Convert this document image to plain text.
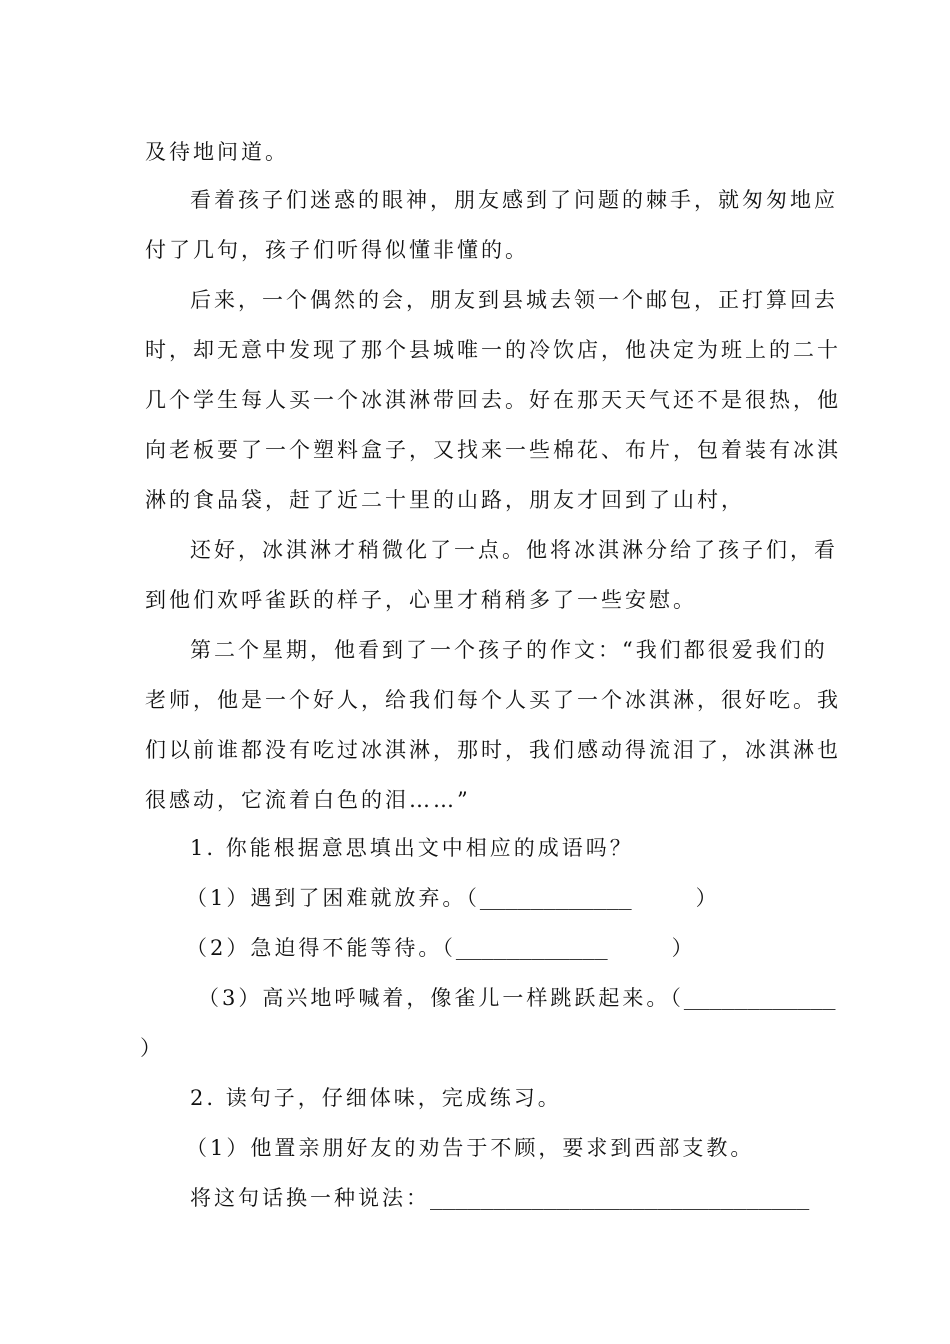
及待地问道。
看着孩子们迷惑的眼神，朋友感到了问题的棘手，就匆匆地应
付了几句，孩子们听得似懂非懂的。
后来，一个偶然的会，朋友到县城去领一个邮包，正打算回去
时，却无意中发现了那个县城唯一的冷饮店，他决定为班上的二十
几个学生每人买一个冰淇淋带回去。好在那天天气还不是很热，他
向老板要了一个塑料盒子，又找来一些棉花、布片，包着装有冰淇
淋的食品袋，赶了近二十里的山路，朋友才回到了山村，
还好，冰淇淋才稍微化了一点。他将冰淇淋分给了孩子们，看
到他们欢呼雀跃的样子，心里才稍稍多了一些安慰。
第二个星期，他看到了一个孩子的作文：“我们都很爱我们的
老师，他是一个好人，给我们每个人买了一个冰淇淋，很好吃。我
们以前谁都没有吃过冰淇淋，那时，我们感动得流泪了，冰淇淋也
很感动，它流着白色的泪……”
1. 你能根据意思填出文中相应的成语吗？
（1）遇到了困难就放弃。（____________	）
（2）急迫得不能等待。（____________	）
（3）高兴地呼喊着，像雀儿一样跳跃起来。（____________
）
2. 读句子，仔细体味，完成练习。
（1）他置亲朋好友的劝告于不顾，要求到西部支教。
将这句话换一种说法：______________________________
